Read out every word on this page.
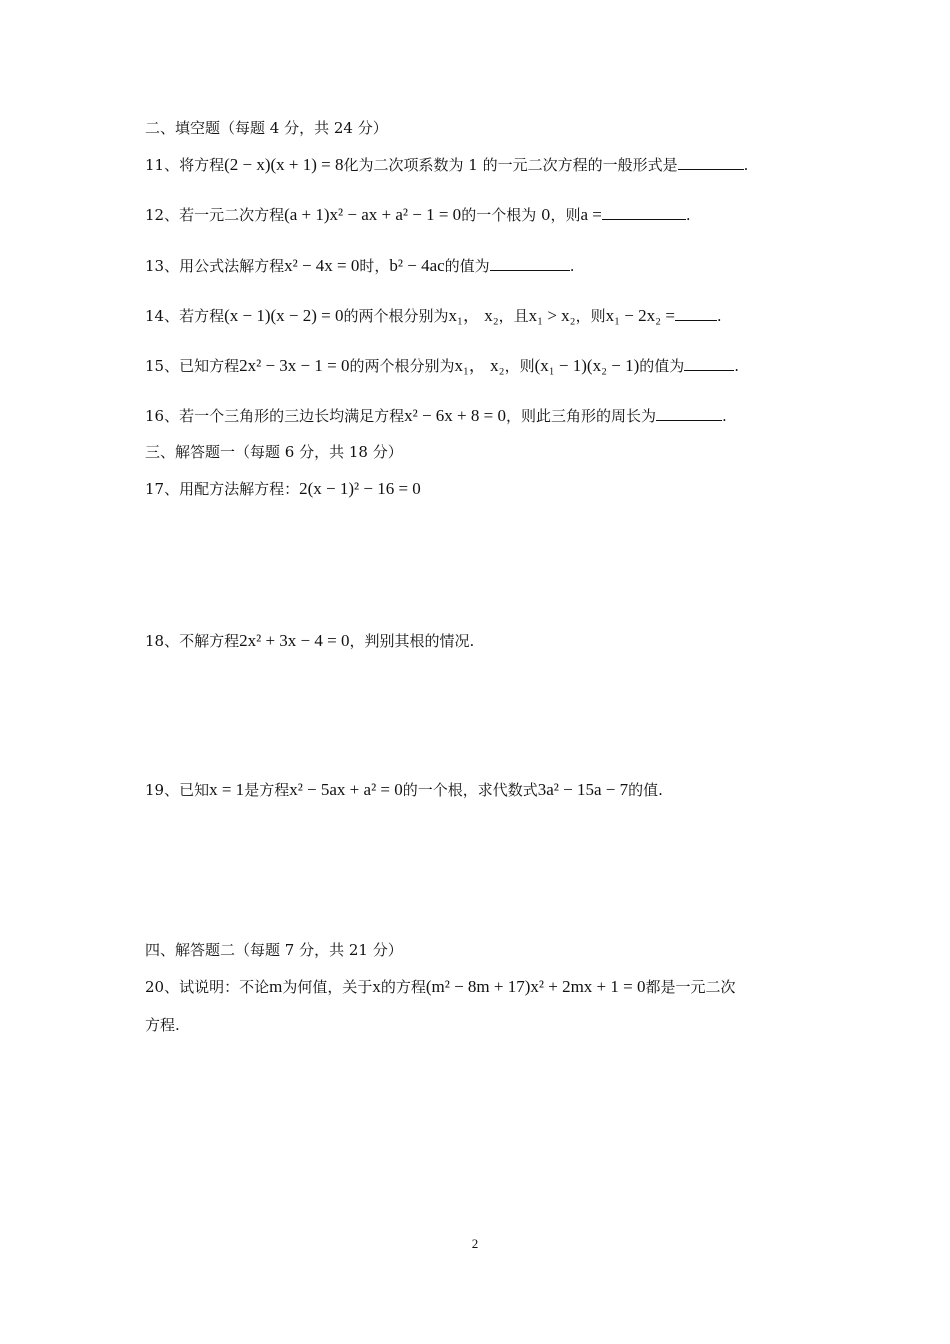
二、填空题（每题 4 分，共 24 分）
11、将方程(2 − x)(x + 1) = 8化为二次项系数为 1 的一元二次方程的一般形式是	.
12、若一元二次方程(a + 1)x² − ax + a² − 1 = 0的一个根为 0，则a =	.
13、用公式法解方程x² − 4x = 0时，b² − 4ac的值为	.
14、若方程(x − 1)(x − 2) = 0的两个根分别为x₁， x₂，且x₁ > x₂，则x₁ − 2x₂ =	.
15、已知方程2x² − 3x − 1 = 0的两个根分别为x₁， x₂，则(x₁ − 1)(x₂ − 1)的值为	.
16、若一个三角形的三边长均满足方程x² − 6x + 8 = 0，则此三角形的周长为	.
三、解答题一（每题 6 分，共 18 分）
17、用配方法解方程：2(x − 1)² − 16 = 0
18、不解方程2x² + 3x − 4 = 0，判别其根的情况.
19、已知x = 1是方程x² − 5ax + a² = 0的一个根，求代数式3a² − 15a − 7的值.
四、解答题二（每题 7 分，共 21 分）
20、试说明：不论m为何值，关于x的方程(m² − 8m + 17)x² + 2mx + 1 = 0都是一元二次
方程.
2
